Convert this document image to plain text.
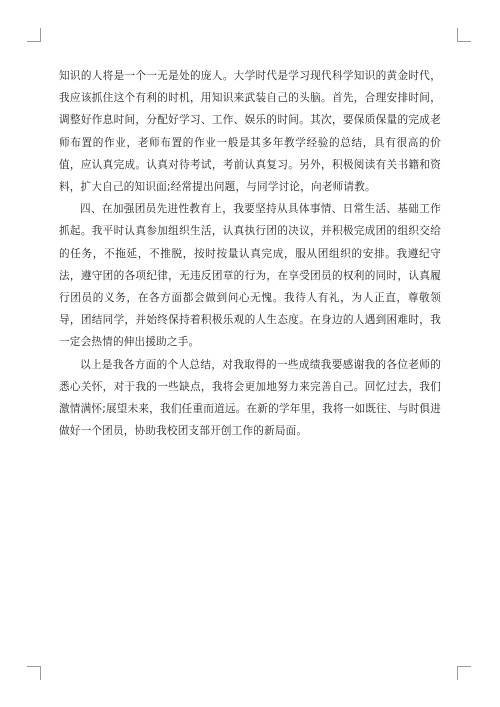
知识的人将是一个一无是处的庞人。大学时代是学习现代科学知识的黄金时代，我应该抓住这个有利的时机，用知识来武装自己的头脑。首先，合理安排时间，调整好作息时间，分配好学习、工作、娱乐的时间。其次，要保质保量的完成老师布置的作业，老师布置的作业一般是其多年教学经验的总结，具有很高的价值，应认真完成。认真对待考试，考前认真复习。另外，积极阅读有关书籍和资料，扩大自己的知识面;经常提出问题，与同学讨论，向老师请教。

四、在加强团员先进性教育上，我要坚持从具体事情、日常生活、基础工作抓起。我平时认真参加组织生活，认真执行团的决议，并积极完成团的组织交给的任务，不拖延，不推脱，按时按量认真完成，服从团组织的安排。我遵纪守法，遵守团的各项纪律，无违反团章的行为，在享受团员的权利的同时，认真履行团员的义务，在各方面都会做到问心无愧。我待人有礼，为人正直，尊敬领导，团结同学，并始终保持着积极乐观的人生态度。在身边的人遇到困难时，我一定会热情的伸出援助之手。

以上是我各方面的个人总结，对我取得的一些成绩我要感谢我的各位老师的悉心关怀，对于我的一些缺点，我将会更加地努力来完善自己。回忆过去，我们激情满怀;展望未来，我们任重而道远。在新的学年里，我将一如既往、与时俱进做好一个团员，协助我校团支部开创工作的新局面。
